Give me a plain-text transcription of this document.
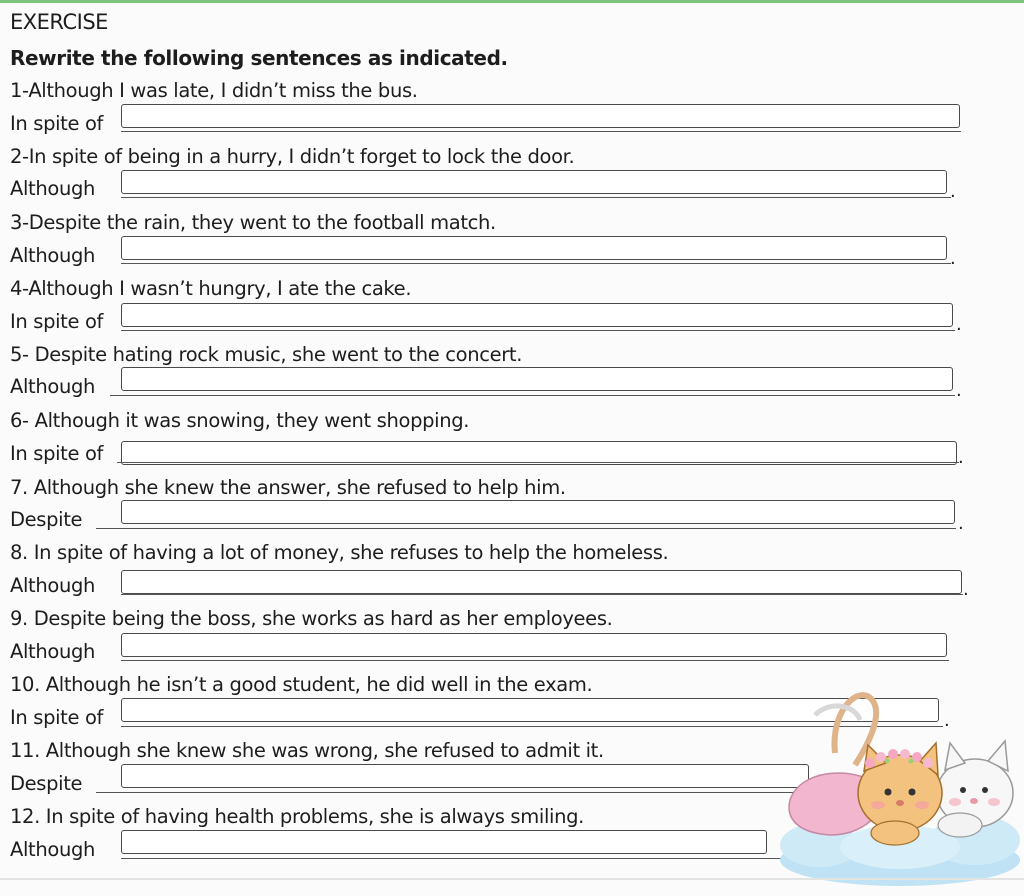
EXERCISE
Rewrite the following sentences as indicated.
1-Although I was late, I didn’t miss the bus.
In spite of
2-In spite of being in a hurry, I didn’t forget to lock the door.
Although	.
3-Despite the rain, they went to the football match.
Although	.
4-Although I wasn’t hungry, I ate the cake.
In spite of	.
5- Despite hating rock music, she went to the concert.
Although	.
6- Although it was snowing, they went shopping.
In spite of	.
7. Although she knew the answer, she refused to help him.
Despite	.
8. In spite of having a lot of money, she refuses to help the homeless.
Although	.
9. Despite being the boss, she works as hard as her employees.
Although
10. Although he isn’t a good student, he did well in the exam.
In spite of	.
11. Although she knew she was wrong, she refused to admit it.
Despite
12. In spite of having health problems, she is always smiling.
Although
